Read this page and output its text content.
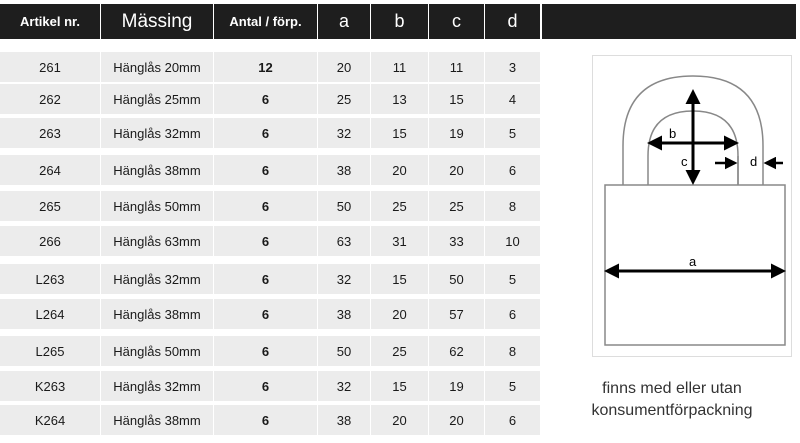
Artikel nr.	Mässing	Antal / förp.	a	b	c	d
261	Hänglås 20mm	12	20	11	11	3
262	Hänglås 25mm	6	25	13	15	4
263	Hänglås 32mm	6	32	15	19	5
264	Hänglås 38mm	6	38	20	20	6
265	Hänglås 50mm	6	50	25	25	8
266	Hänglås 63mm	6	63	31	33	10
L263	Hänglås 32mm	6	32	15	50	5
L264	Hänglås 38mm	6	38	20	57	6
L265	Hänglås 50mm	6	50	25	62	8
K263	Hänglås 32mm	6	32	15	19	5
K264	Hänglås 38mm	6	38	20	20	6
b
c	d
a
finns med eller utan
konsumentförpackning
